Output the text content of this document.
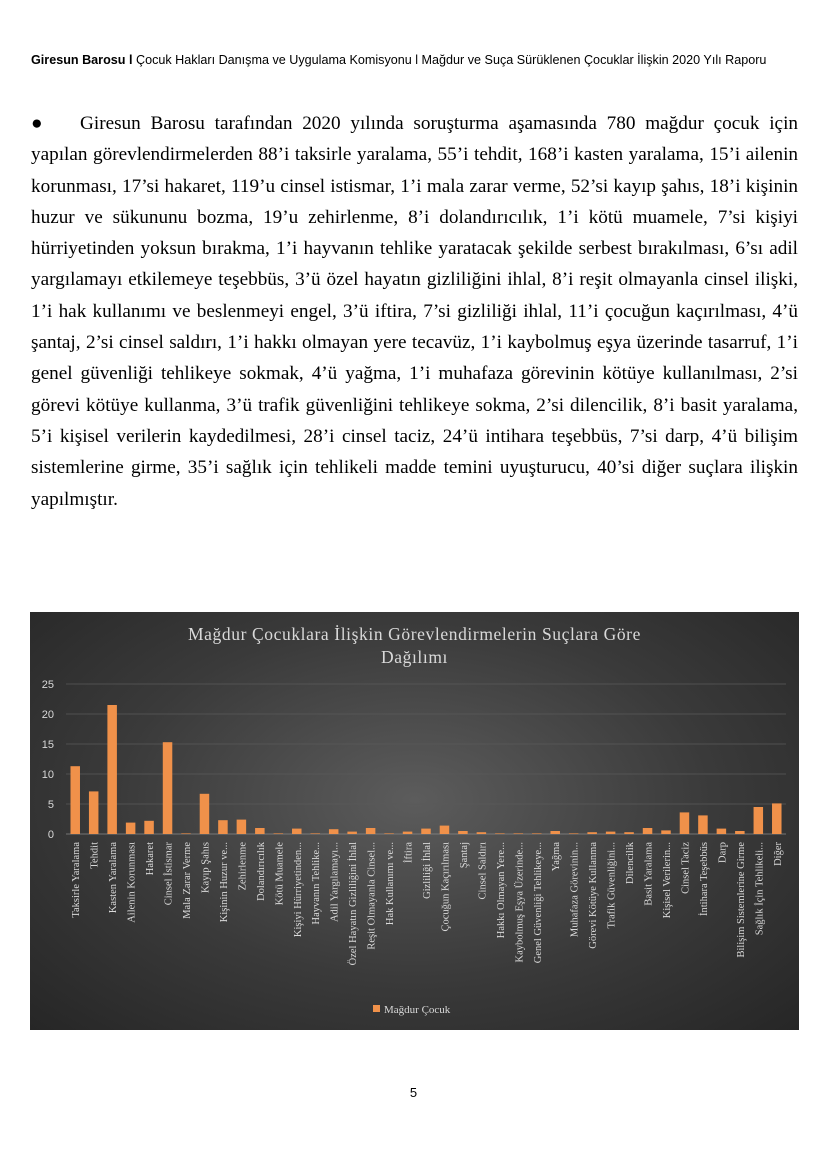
Giresun Barosu l Çocuk Hakları Danışma ve Uygulama Komisyonu l Mağdur ve Suça Sürüklenen Çocuklar İlişkin 2020 Yılı Raporu
● Giresun Barosu tarafından 2020 yılında soruşturma aşamasında 780 mağdur çocuk için yapılan görevlendirmelerden 88’i taksirle yaralama, 55’i tehdit, 168’i kasten yaralama, 15’i ailenin korunması, 17’si hakaret, 119’u cinsel istismar, 1’i mala zarar verme, 52’si kayıp şahıs, 18’i kişinin huzur ve sükununu bozma, 19’u zehirlenme, 8’i dolandırıcılık, 1’i kötü muamele, 7’si kişiyi hürriyetinden yoksun bırakma, 1’i hayvanın tehlike yaratacak şekilde serbest bırakılması, 6’sı adil yargılamayı etkilemeye teşebbüs, 3’ü özel hayatın gizliliğini ihlal, 8’i reşit olmayanla cinsel ilişki, 1’i hak kullanımı ve beslenmeyi engel, 3’ü iftira, 7’si gizliliği ihlal, 11’i çocuğun kaçırılması, 4’ü şantaj, 2’si cinsel saldırı, 1’i hakkı olmayan yere tecavüz, 1’i kaybolmuş eşya üzerinde tasarruf, 1’i genel güvenliği tehlikeye sokmak, 4’ü yağma, 1’i muhafaza görevinin kötüye kullanılması, 2’si görevi kötüye kullanma, 3’ü trafik güvenliğini tehlikeye sokma, 2’si dilencilik, 8’i basit yaralama, 5’i kişisel verilerin kaydedilmesi, 28’i cinsel taciz, 24’ü intihara teşebbüs, 7’si darp, 4’ü bilişim sistemlerine girme, 35’i sağlık için tehlikeli madde temini uyuşturucu, 40’si diğer suçlara ilişkin yapılmıştır.
Mağdur Çocuklara İlişkin Görevlendirmelerin Suçlara Göre
Dağılımı
0
5
10
15
20
25
Taksirle Yaralama Tehdit Kasten Yaralama Ailenin Korunması Hakaret Cinsel İstismar Mala Zarar Verme Kayıp Şahıs Kişinin Huzur ve... Zehirlenme Dolandırıcılık Kötü Muamele Kişiyi Hürriyetinden... Hayvanın Tehlike... Adil Yargılamayı... Özel Hayatın Gizliliğini İhlal Reşit Olmayanla Cinsel... Hak Kullanımı ve... İftira Gizliliği İhlal Çocuğun Kaçırılması Şantaj Cinsel Saldırı Hakkı Olmayan Yere... Kaybolmuş Eşya Üzerinde... Genel Güvenliği Tehlikeye... Yağma Muhafaza Görevinin... Görevi Kötüye Kullanma Trafik Güvenliğini... Dilencilik Basit Yaralama Kişisel Verilerin... Cinsel Taciz İntihara Teşebbüs Darp Bilişim Sistemlerine Girme Sağlık İçin Tehlikeli... Diğer
Mağdur Çocuk
5
